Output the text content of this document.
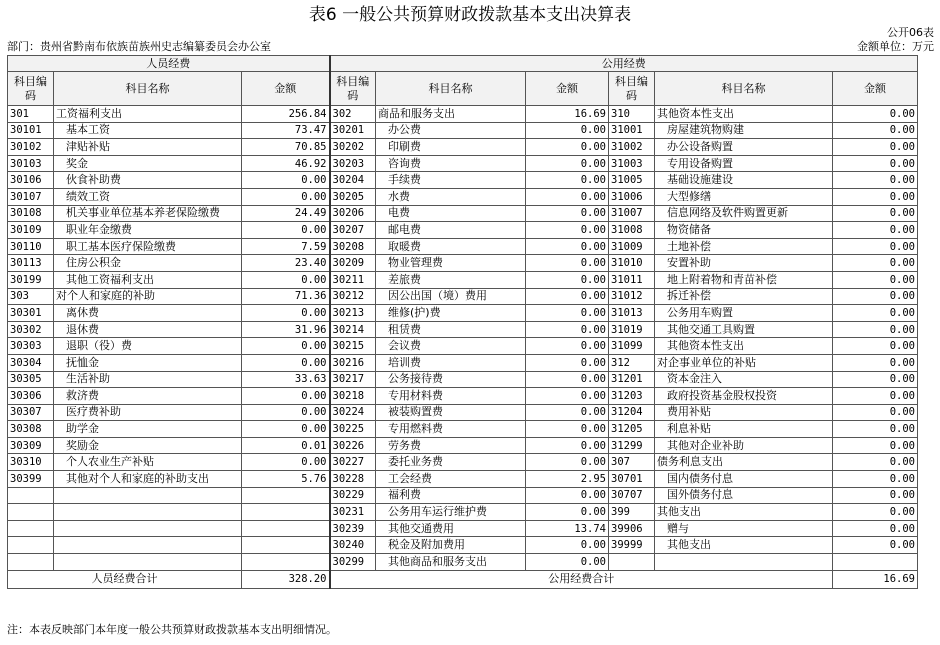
表6 一般公共预算财政拨款基本支出决算表
公开06表
部门：贵州省黔南布依族苗族州史志编纂委员会办公室	金额单位：万元
人员经费			公用经费					
科目编码	科目名称	金额	科目编码	科目名称	金额	科目编码	科目名称	金额
301	工资福利支出	256.84	302	商品和服务支出	16.69	310	其他资本性支出	0.00
30101	基本工资	73.47	30201	办公费	0.00	31001	房屋建筑物购建	0.00
30102	津贴补贴	70.85	30202	印刷费	0.00	31002	办公设备购置	0.00
30103	奖金	46.92	30203	咨询费	0.00	31003	专用设备购置	0.00
30106	伙食补助费	0.00	30204	手续费	0.00	31005	基础设施建设	0.00
30107	绩效工资	0.00	30205	水费	0.00	31006	大型修缮	0.00
30108	机关事业单位基本养老保险缴费	24.49	30206	电费	0.00	31007	信息网络及软件购置更新	0.00
30109	职业年金缴费	0.00	30207	邮电费	0.00	31008	物资储备	0.00
30110	职工基本医疗保险缴费	7.59	30208	取暖费	0.00	31009	土地补偿	0.00
30113	住房公积金	23.40	30209	物业管理费	0.00	31010	安置补助	0.00
30199	其他工资福利支出	0.00	30211	差旅费	0.00	31011	地上附着物和青苗补偿	0.00
303	对个人和家庭的补助	71.36	30212	因公出国（境）费用	0.00	31012	拆迁补偿	0.00
30301	离休费	0.00	30213	维修(护)费	0.00	31013	公务用车购置	0.00
30302	退休费	31.96	30214	租赁费	0.00	31019	其他交通工具购置	0.00
30303	退职（役）费	0.00	30215	会议费	0.00	31099	其他资本性支出	0.00
30304	抚恤金	0.00	30216	培训费	0.00	312	对企事业单位的补贴	0.00
30305	生活补助	33.63	30217	公务接待费	0.00	31201	资本金注入	0.00
30306	救济费	0.00	30218	专用材料费	0.00	31203	政府投资基金股权投资	0.00
30307	医疗费补助	0.00	30224	被装购置费	0.00	31204	费用补贴	0.00
30308	助学金	0.00	30225	专用燃料费	0.00	31205	利息补贴	0.00
30309	奖励金	0.01	30226	劳务费	0.00	31299	其他对企业补助	0.00
30310	个人农业生产补贴	0.00	30227	委托业务费	0.00	307	债务利息支出	0.00
30399	其他对个人和家庭的补助支出	5.76	30228	工会经费	2.95	30701	国内债务付息	0.00
			30229	福利费	0.00	30707	国外债务付息	0.00
			30231	公务用车运行维护费	0.00	399	其他支出	0.00
			30239	其他交通费用	13.74	39906	赠与	0.00
			30240	税金及附加费用	0.00	39999	其他支出	0.00
			30299	其他商品和服务支出	0.00			
人员经费合计		328.20	公用经费合计					16.69
注：本表反映部门本年度一般公共预算财政拨款基本支出明细情况。
